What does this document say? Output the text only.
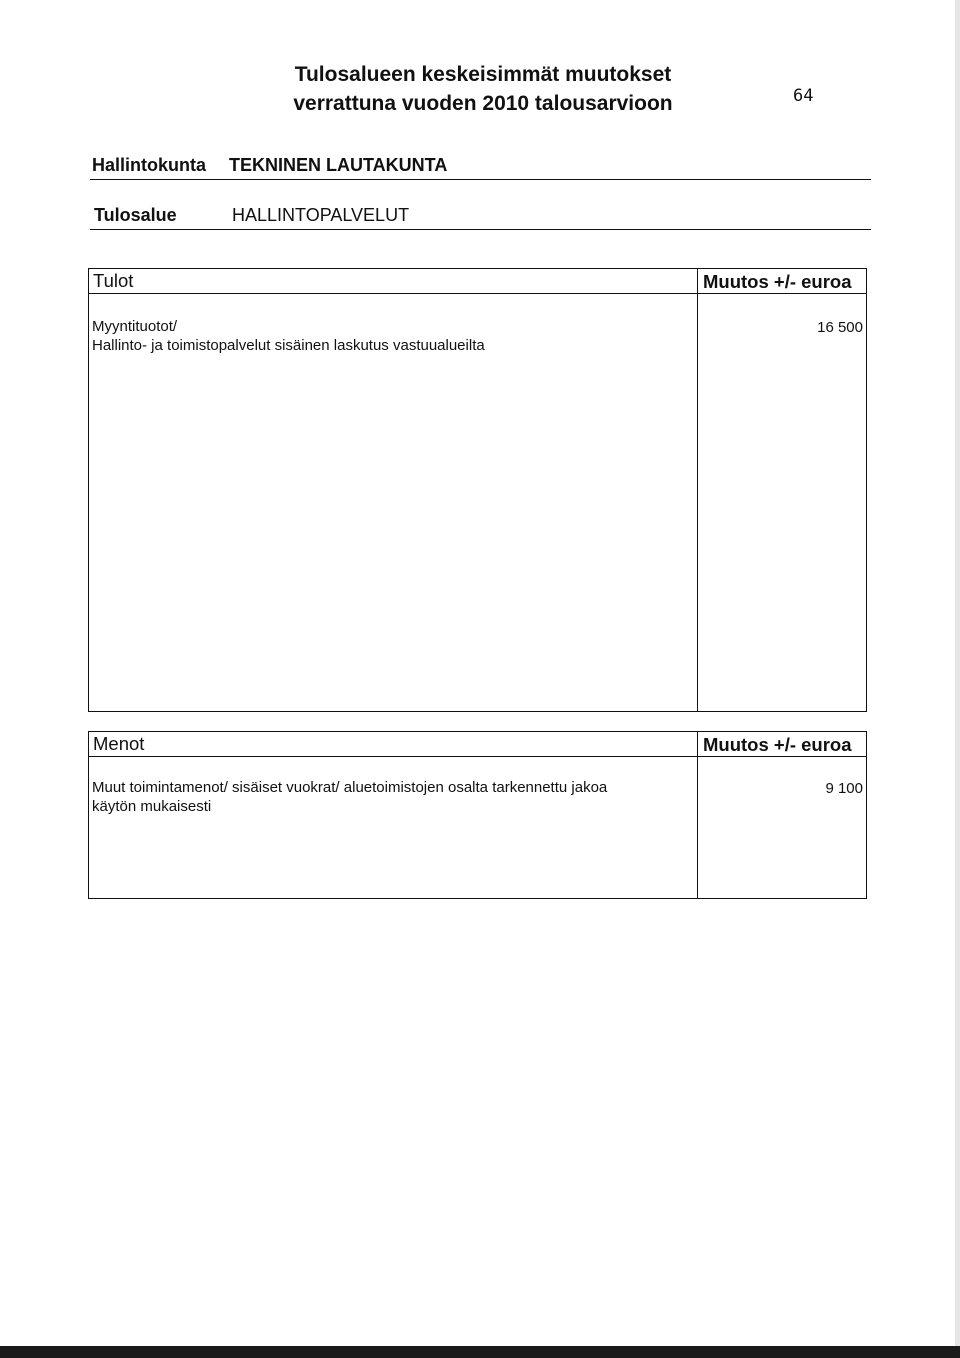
Tulosalueen keskeisimmät muutokset
verrattuna vuoden 2010 talousarvioon	64
Hallintokunta TEKNINEN LAUTAKUNTA
Tulosalue	HALLINTOPALVELUT
Tulot	Muutos +/- euroa
Myyntituotot/
Hallinto- ja toimistopalvelut sisäinen laskutus vastuualueilta
16 500
Menot	Muutos +/- euroa
Muut toimintamenot/ sisäiset vuokrat/ aluetoimistojen osalta tarkennettu jakoa
käytön mukaisesti
9 100
